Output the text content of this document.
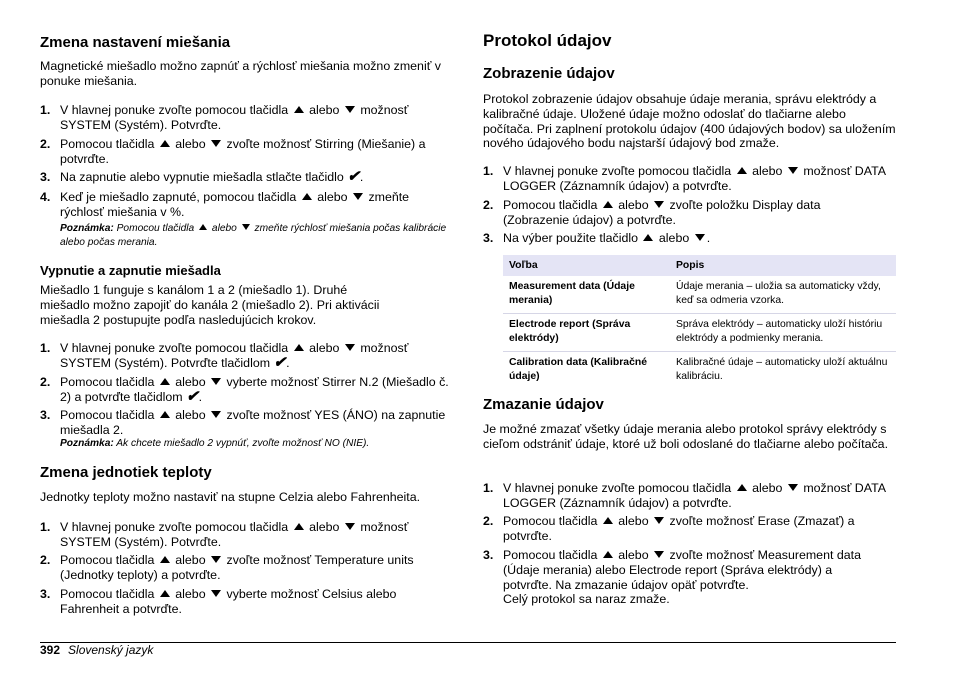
Zmena nastavení miešania

Magnetické miešadlo možno zapnúť a rýchlosť miešania možno zmeniť v ponuke miešania.

1. V hlavnej ponuke zvoľte pomocou tlačidla alebo možnosť SYSTEM (Systém). Potvrďte.
2. Pomocou tlačidla alebo zvoľte možnosť Stirring (Miešanie) a potvrďte.
3. Na zapnutie alebo vypnutie miešadla stlačte tlačidlo ✔.
4. Keď je miešadlo zapnuté, pomocou tlačidla alebo zmeňte rýchlosť miešania v %.
Poznámka: Pomocou tlačidla alebo zmeňte rýchlosť miešania počas kalibrácie alebo počas merania.
Vypnutie a zapnutie miešadla

Miešadlo 1 funguje s kanálom 1 a 2 (miešadlo 1). Druhé miešadlo možno zapojiť do kanála 2 (miešadlo 2). Pri aktivácii miešadla 2 postupujte podľa nasledujúcich krokov.

1. V hlavnej ponuke zvoľte pomocou tlačidla alebo možnosť SYSTEM (Systém). Potvrďte tlačidlom ✔.
2. Pomocou tlačidla alebo vyberte možnosť Stirrer N.2 (Miešadlo č. 2) a potvrďte tlačidlom ✔.
3. Pomocou tlačidla alebo zvoľte možnosť YES (ÁNO) na zapnutie miešadla 2.
Poznámka: Ak chcete miešadlo 2 vypnúť, zvoľte možnosť NO (NIE).
Zmena jednotiek teploty

Jednotky teploty možno nastaviť na stupne Celzia alebo Fahrenheita.

1. V hlavnej ponuke zvoľte pomocou tlačidla alebo možnosť SYSTEM (Systém). Potvrďte.
2. Pomocou tlačidla alebo zvoľte možnosť Temperature units (Jednotky teploty) a potvrďte.
3. Pomocou tlačidla alebo vyberte možnosť Celsius alebo Fahrenheit a potvrďte.
Protokol údajov
Zobrazenie údajov

Protokol zobrazenie údajov obsahuje údaje merania, správu elektródy a kalibračné údaje. Uložené údaje možno odoslať do tlačiarne alebo počítača. Pri zaplnení protokolu údajov (400 údajových bodov) sa uložením nového údajového bodu najstarší údajový bod zmaže.

1. V hlavnej ponuke zvoľte pomocou tlačidla alebo možnosť DATA LOGGER (Záznamník údajov) a potvrďte.
2. Pomocou tlačidla alebo zvoľte položku Display data (Zobrazenie údajov) a potvrďte.
3. Na výber použite tlačidlo alebo .
Voľba	Popis
Measurement data (Údaje merania)	Údaje merania – uložia sa automaticky vždy, keď sa odmeria vzorka.
Electrode report (Správa elektródy)	Správa elektródy – automaticky uloží históriu elektródy a podmienky merania.
Calibration data (Kalibračné údaje)	Kalibračné údaje – automaticky uloží aktuálnu kalibráciu.
Zmazanie údajov

Je možné zmazať všetky údaje merania alebo protokol správy elektródy s cieľom odstrániť údaje, ktoré už boli odoslané do tlačiarne alebo počítača.

1. V hlavnej ponuke zvoľte pomocou tlačidla alebo možnosť DATA LOGGER (Záznamník údajov) a potvrďte.
2. Pomocou tlačidla alebo zvoľte možnosť Erase (Zmazať) a potvrďte.
3. Pomocou tlačidla alebo zvoľte možnosť Measurement data (Údaje merania) alebo Electrode report (Správa elektródy) a potvrďte. Na zmazanie údajov opäť potvrďte.
Celý protokol sa naraz zmaže.
392 Slovenský jazyk
